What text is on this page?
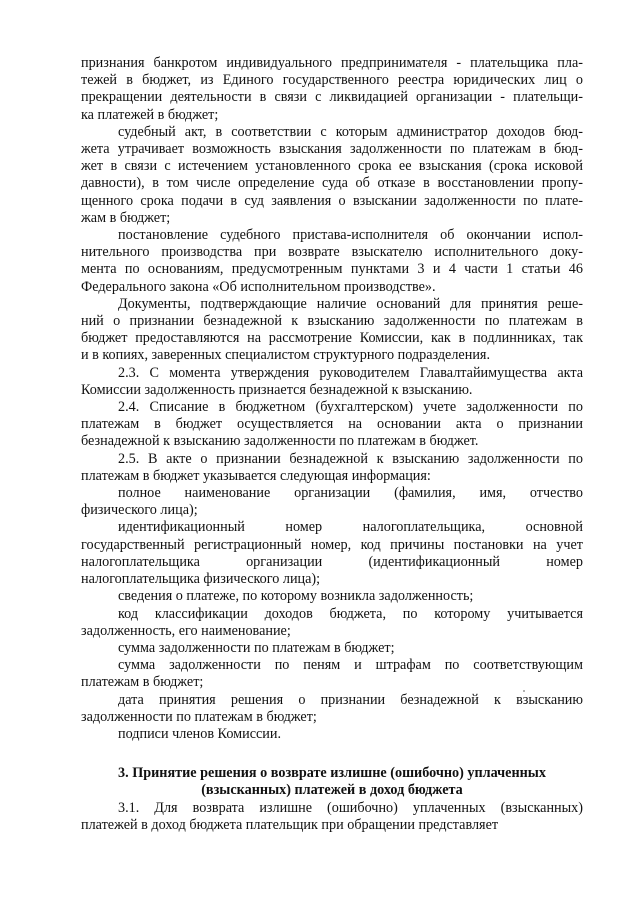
признания банкротом индивидуального предпринимателя - плательщика пла-
тежей в бюджет, из Единого государственного реестра юридических лиц о
прекращении деятельности в связи с ликвидацией организации - плательщи-
ка платежей в бюджет;
судебный акт, в соответствии с которым администратор доходов бюд-
жета утрачивает возможность взыскания задолженности по платежам в бюд-
жет в связи с истечением установленного срока ее взыскания (срока исковой
давности), в том числе определение суда об отказе в восстановлении пропу-
щенного срока подачи в суд заявления о взыскании задолженности по плате-
жам в бюджет;
постановление судебного пристава-исполнителя об окончании испол-
нительного производства при возврате взыскателю исполнительного доку-
мента по основаниям, предусмотренным пунктами 3 и 4 части 1 статьи 46
Федерального закона «Об исполнительном производстве».
Документы, подтверждающие наличие оснований для принятия реше-
ний о признании безнадежной к взысканию задолженности по платежам в
бюджет предоставляются на рассмотрение Комиссии, как в подлинниках, так
и в копиях, заверенных специалистом структурного подразделения.
2.3. С момента утверждения руководителем Главалтайимущества акта
Комиссии задолженность признается безнадежной к взысканию.
2.4. Списание в бюджетном (бухгалтерском) учете задолженности по
платежам в бюджет осуществляется на основании акта о признании
безнадежной к взысканию задолженности по платежам в бюджет.
2.5. В акте о признании безнадежной к взысканию задолженности по
платежам в бюджет указывается следующая информация:
полное наименование организации (фамилия, имя, отчество
физического лица);
идентификационный номер налогоплательщика, основной
государственный регистрационный номер, код причины постановки на учет
налогоплательщика организации (идентификационный номер
налогоплательщика физического лица);
сведения о платеже, по которому возникла задолженность;
код классификации доходов бюджета, по которому учитывается
задолженность, его наименование;
сумма задолженности по платежам в бюджет;
сумма задолженности по пеням и штрафам по соответствующим
платежам в бюджет;
дата принятия решения о признании безнадежной к взысканию
задолженности по платежам в бюджет;
подписи членов Комиссии.
3. Принятие решения о возврате излишне (ошибочно) уплаченных
(взысканных) платежей в доход бюджета
3.1. Для возврата излишне (ошибочно) уплаченных (взысканных)
платежей в доход бюджета плательщик при обращении представляет
